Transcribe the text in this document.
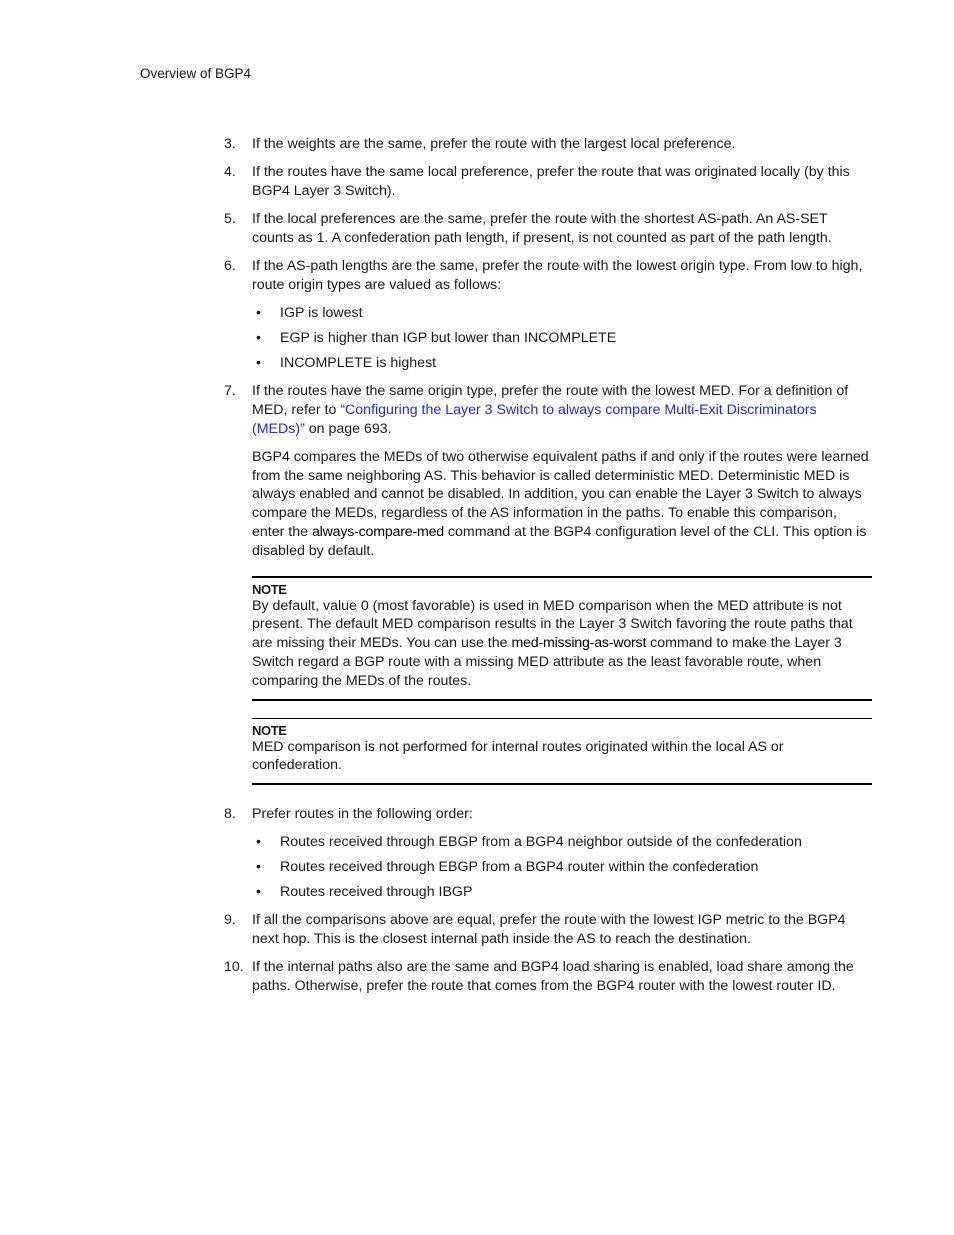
Overview of BGP4
3. If the weights are the same, prefer the route with the largest local preference.
4. If the routes have the same local preference, prefer the route that was originated locally (by this BGP4 Layer 3 Switch).
5. If the local preferences are the same, prefer the route with the shortest AS-path. An AS-SET counts as 1. A confederation path length, if present, is not counted as part of the path length.
6. If the AS-path lengths are the same, prefer the route with the lowest origin type. From low to high, route origin types are valued as follows:
• IGP is lowest
• EGP is higher than IGP but lower than INCOMPLETE
• INCOMPLETE is highest
7. If the routes have the same origin type, prefer the route with the lowest MED. For a definition of MED, refer to “Configuring the Layer 3 Switch to always compare Multi-Exit Discriminators (MEDs)” on page 693.
BGP4 compares the MEDs of two otherwise equivalent paths if and only if the routes were learned from the same neighboring AS. This behavior is called deterministic MED. Deterministic MED is always enabled and cannot be disabled. In addition, you can enable the Layer 3 Switch to always compare the MEDs, regardless of the AS information in the paths. To enable this comparison, enter the always-compare-med command at the BGP4 configuration level of the CLI. This option is disabled by default.
NOTE
By default, value 0 (most favorable) is used in MED comparison when the MED attribute is not present. The default MED comparison results in the Layer 3 Switch favoring the route paths that are missing their MEDs. You can use the med-missing-as-worst command to make the Layer 3 Switch regard a BGP route with a missing MED attribute as the least favorable route, when comparing the MEDs of the routes.
NOTE
MED comparison is not performed for internal routes originated within the local AS or confederation.
8. Prefer routes in the following order:
• Routes received through EBGP from a BGP4 neighbor outside of the confederation
• Routes received through EBGP from a BGP4 router within the confederation
• Routes received through IBGP
9. If all the comparisons above are equal, prefer the route with the lowest IGP metric to the BGP4 next hop. This is the closest internal path inside the AS to reach the destination.
10. If the internal paths also are the same and BGP4 load sharing is enabled, load share among the paths. Otherwise, prefer the route that comes from the BGP4 router with the lowest router ID.
